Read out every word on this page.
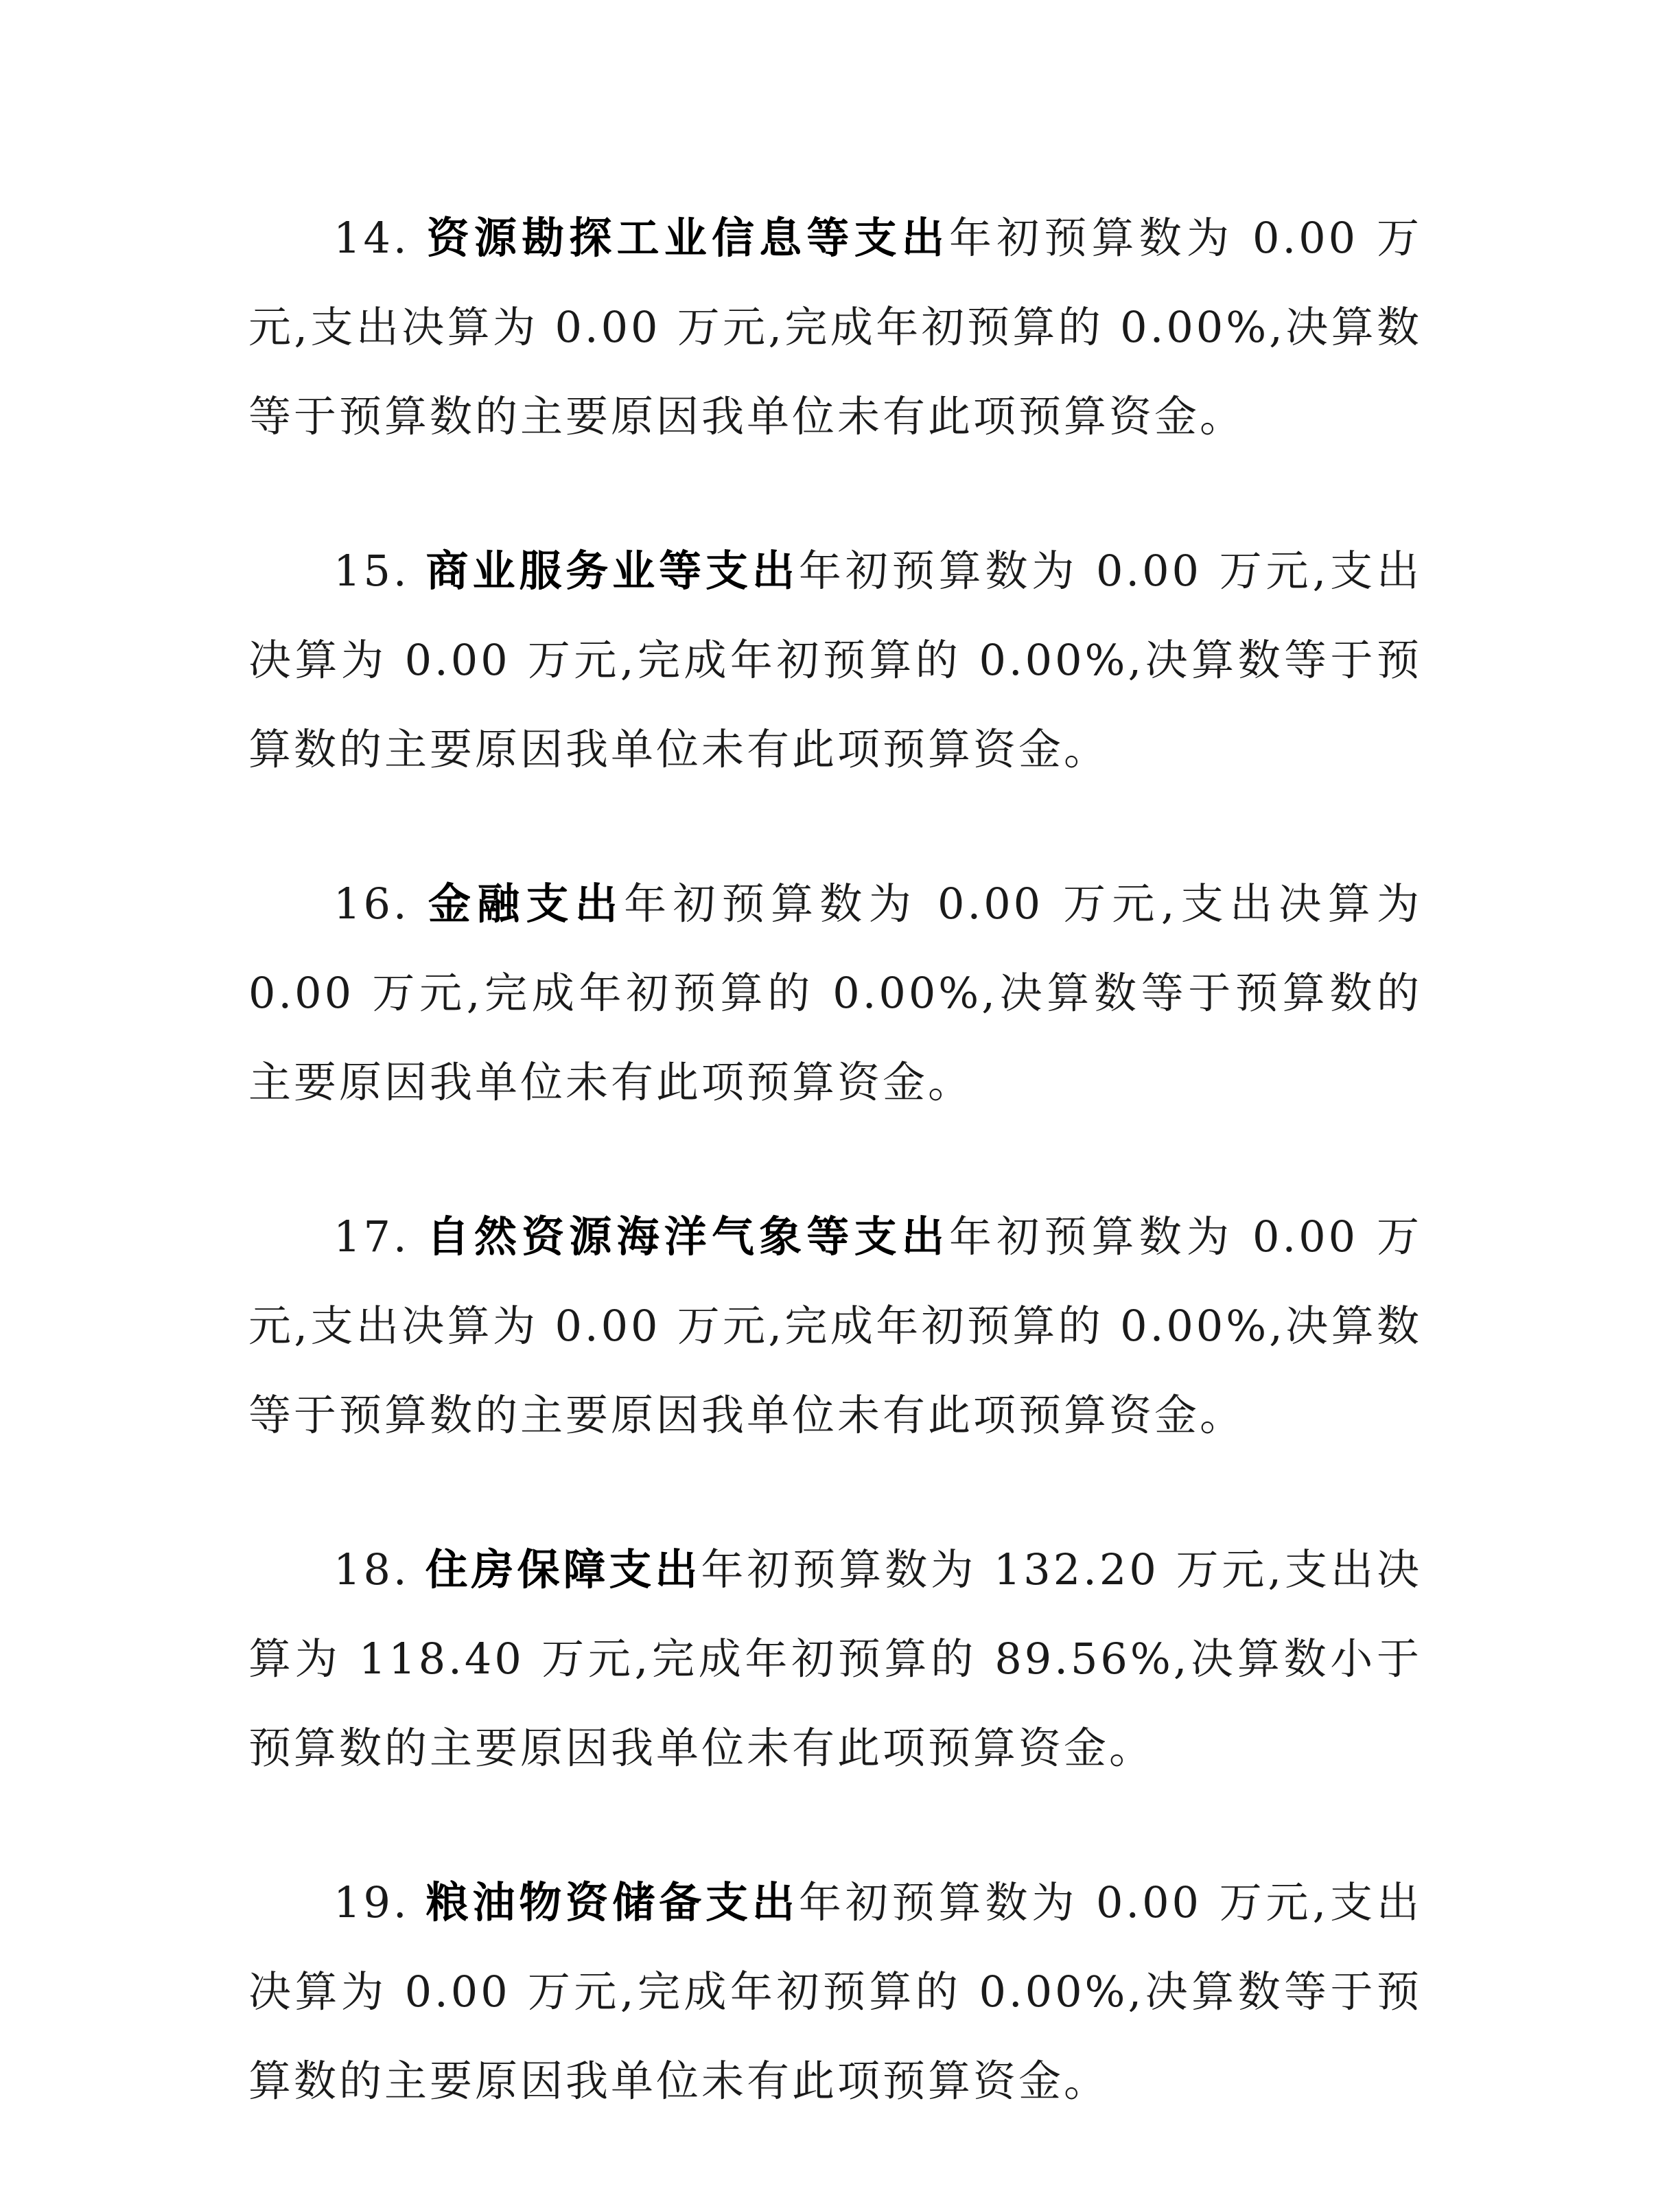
14. 资源勘探工业信息等支出年初预算数为 0.00 万元,支出决算为 0.00 万元,完成年初预算的 0.00%,决算数等于预算数的主要原因我单位未有此项预算资金。

15. 商业服务业等支出年初预算数为 0.00 万元,支出决算为 0.00 万元,完成年初预算的 0.00%,决算数等于预算数的主要原因我单位未有此项预算资金。

16. 金融支出年初预算数为 0.00 万元,支出决算为 0.00 万元,完成年初预算的 0.00%,决算数等于预算数的主要原因我单位未有此项预算资金。

17. 自然资源海洋气象等支出年初预算数为 0.00 万元,支出决算为 0.00 万元,完成年初预算的 0.00%,决算数等于预算数的主要原因我单位未有此项预算资金。

18. 住房保障支出年初预算数为 132.20 万元,支出决算为 118.40 万元,完成年初预算的 89.56%,决算数小于预算数的主要原因我单位未有此项预算资金。

19. 粮油物资储备支出年初预算数为 0.00 万元,支出决算为 0.00 万元,完成年初预算的 0.00%,决算数等于预算数的主要原因我单位未有此项预算资金。
